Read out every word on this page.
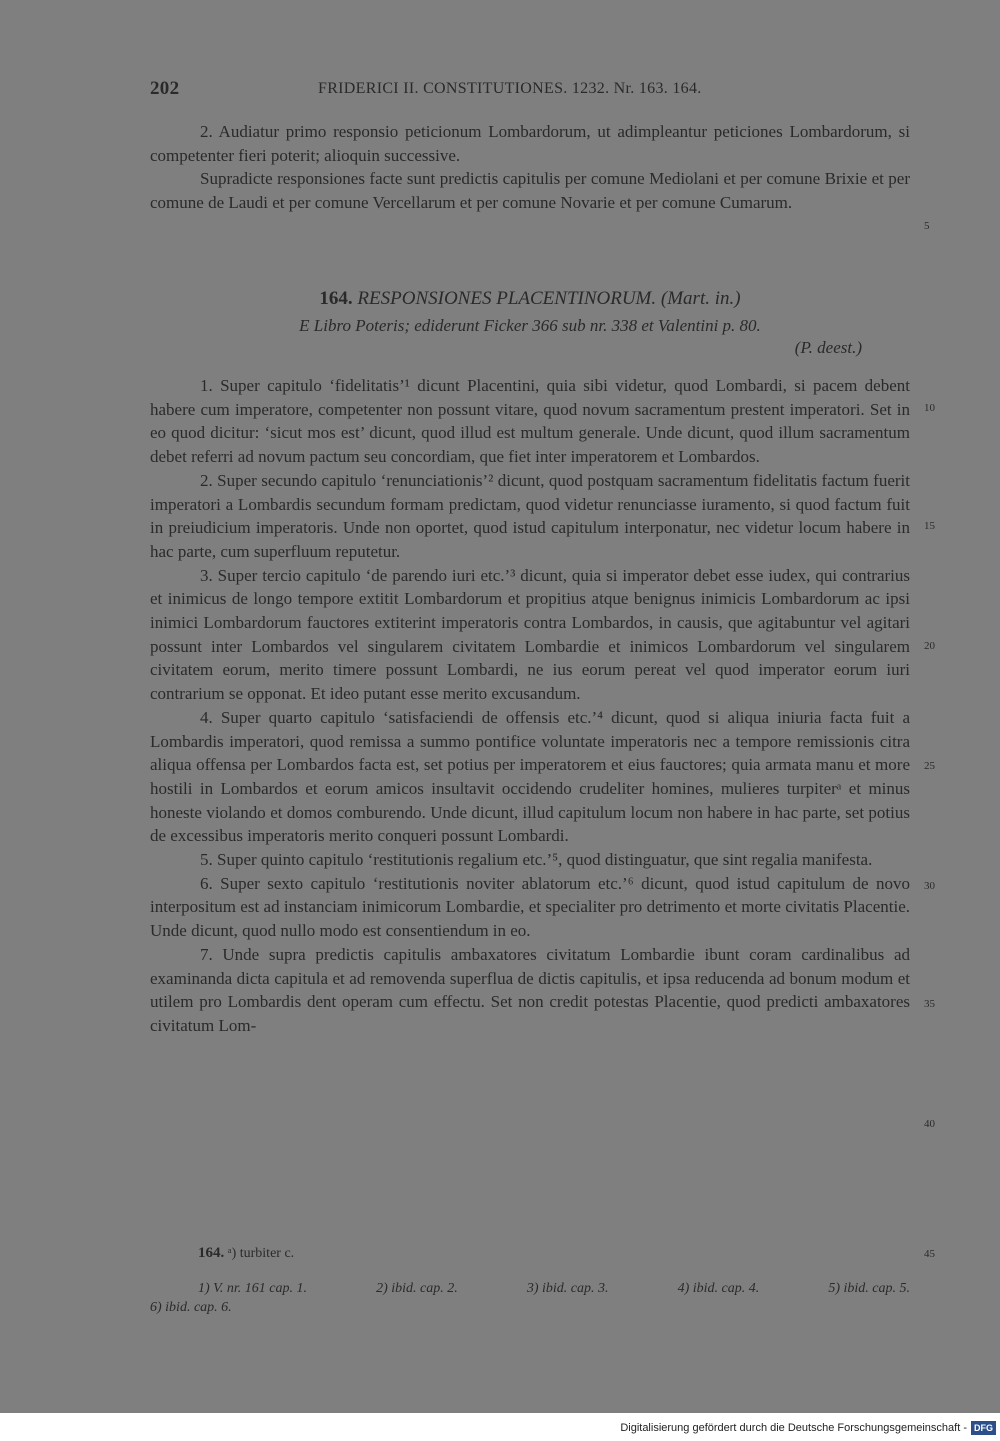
202	FRIDERICI II. CONSTITUTIONES. 1232. Nr. 163. 164.

2. Audiatur primo responsio peticionum Lombardorum, ut adimpleantur peticiones Lombardorum, si competenter fieri poterit; alioquin successive.

Supradicte responsiones facte sunt predictis capitulis per comune Mediolani et per comune Brixie et per comune de Laudi et per comune Vercellarum et per comune Novarie et per comune Cumarum.

164. RESPONSIONES PLACENTINORUM. (Mart. in.)
E Libro Poteris; ediderunt Ficker 366 sub nr. 338 et Valentini p. 80.
(P. deest.)

1. Super capitulo ‘fidelitatis’¹ dicunt Placentini, quia sibi videtur, quod Lombardi, si pacem debent habere cum imperatore, competenter non possunt vitare, quod novum sacramentum prestent imperatori. Set in eo quod dicitur: ‘sicut mos est’ dicunt, quod illud est multum generale. Unde dicunt, quod illum sacramentum debet referri ad novum pactum seu concordiam, que fiet inter imperatorem et Lombardos.

2. Super secundo capitulo ‘renunciationis’² dicunt, quod postquam sacramentum fidelitatis factum fuerit imperatori a Lombardis secundum formam predictam, quod videtur renunciasse iuramento, si quod factum fuit in preiudicium imperatoris. Unde non oportet, quod istud capitulum interponatur, nec videtur locum habere in hac parte, cum superfluum reputetur.

3. Super tercio capitulo ‘de parendo iuri etc.’³ dicunt, quia si imperator debet esse iudex, qui contrarius et inimicus de longo tempore extitit Lombardorum et propitius atque benignus inimicis Lombardorum ac ipsi inimici Lombardorum fauctores extiterint imperatoris contra Lombardos, in causis, que agitabuntur vel agitari possunt inter Lombardos vel singularem civitatem Lombardie et inimicos Lombardorum vel singularem civitatem eorum, merito timere possunt Lombardi, ne ius eorum pereat vel quod imperator eorum iuri contrarium se opponat. Et ideo putant esse merito excusandum.

4. Super quarto capitulo ‘satisfaciendi de offensis etc.’⁴ dicunt, quod si aliqua iniuria facta fuit a Lombardis imperatori, quod remissa a summo pontifice voluntate imperatoris nec a tempore remissionis citra aliqua offensa per Lombardos facta est, set potius per imperatorem et eius fauctores; quia armata manu et more hostili in Lombardos et eorum amicos insultavit occidendo crudeliter homines, mulieres turpiterᵃ et minus honeste violando et domos comburendo. Unde dicunt, illud capitulum locum non habere in hac parte, set potius de excessibus imperatoris merito conqueri possunt Lombardi.

5. Super quinto capitulo ‘restitutionis regalium etc.’⁵, quod distinguatur, que sint regalia manifesta.

6. Super sexto capitulo ‘restitutionis noviter ablatorum etc.’⁶ dicunt, quod istud capitulum de novo interpositum est ad instanciam inimicorum Lombardie, et specialiter pro detrimento et morte civitatis Placentie. Unde dicunt, quod nullo modo est consentiendum in eo.

7. Unde supra predictis capitulis ambaxatores civitatum Lombardie ibunt coram cardinalibus ad examinanda dicta capitula et ad removenda superflua de dictis capitulis, et ipsa reducenda ad bonum modum et utilem pro Lombardis dent operam cum effectu. Set non credit potestas Placentie, quod predicti ambaxatores civitatum Lom-

5
10
15
20
25
30
35
40
45
164. ᵃ) turbiter c.
1) V. nr. 161 cap. 1.	2) ibid. cap. 2.	3) ibid. cap. 3.	4) ibid. cap. 4.	5) ibid. cap. 5.
6) ibid. cap. 6.
Digitalisierung gefördert durch die Deutsche Forschungsgemeinschaft - DFG
